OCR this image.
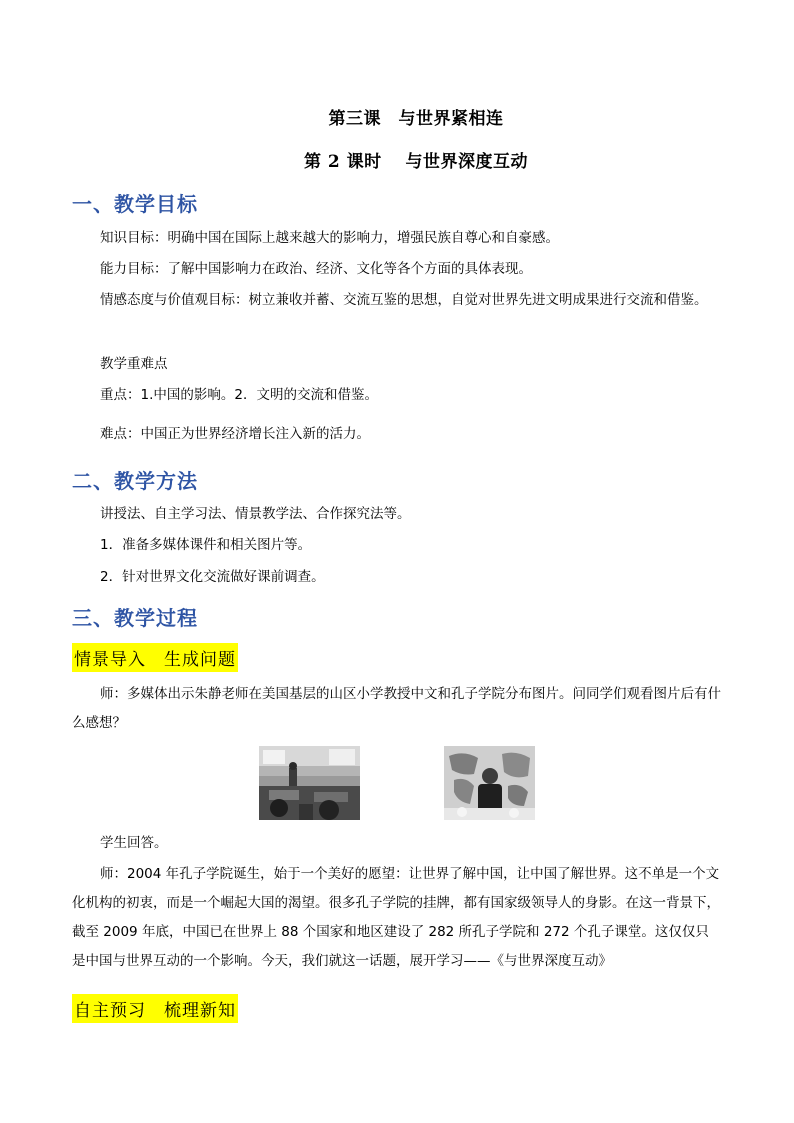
第三课　与世界紧相连
第 2 课时　 与世界深度互动
一、教学目标
知识目标：明确中国在国际上越来越大的影响力，增强民族自尊心和自豪感。
能力目标：了解中国影响力在政治、经济、文化等各个方面的具体表现。
情感态度与价值观目标：树立兼收并蓄、交流互鉴的思想，自觉对世界先进文明成果进行交流和借鉴。
教学重难点
重点：1.中国的影响。2．文明的交流和借鉴。
难点：中国正为世界经济增长注入新的活力。
二、教学方法
讲授法、自主学习法、情景教学法、合作探究法等。
1．准备多媒体课件和相关图片等。
2．针对世界文化交流做好课前调查。
三、教学过程
情景导入　生成问题
师：多媒体出示朱静老师在美国基层的山区小学教授中文和孔子学院分布图片。问同学们观看图片后有什么感想？
学生回答。
师：2004 年孔子学院诞生，始于一个美好的愿望：让世界了解中国，让中国了解世界。这不单是一个文化机构的初衷，而是一个崛起大国的渴望。很多孔子学院的挂牌，都有国家级领导人的身影。在这一背景下，截至 2009 年底，中国已在世界上 88 个国家和地区建设了 282 所孔子学院和 272 个孔子课堂。这仅仅只是中国与世界互动的一个影响。今天，我们就这一话题，展开学习——《与世界深度互动》
自主预习　梳理新知
